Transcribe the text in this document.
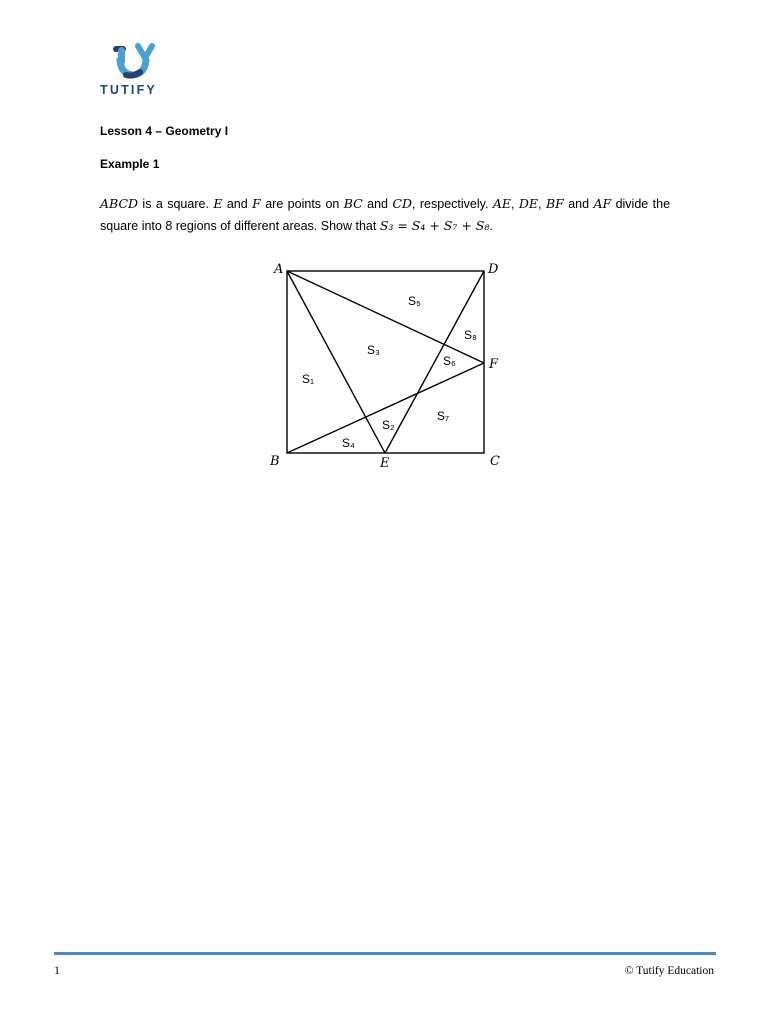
TUTIFY
Lesson 4 – Geometry I
Example 1
ABCD is a square. E and F are points on BC and CD, respectively. AE, DE, BF and AF divide the square into 8 regions of different areas. Show that S₃ = S₄ + S₇ + S₈.
A	D
B	C
E
F
S₁
S₂
S₃
S₄
S₅
S₆
S₇
S₈
1	© Tutify Education
